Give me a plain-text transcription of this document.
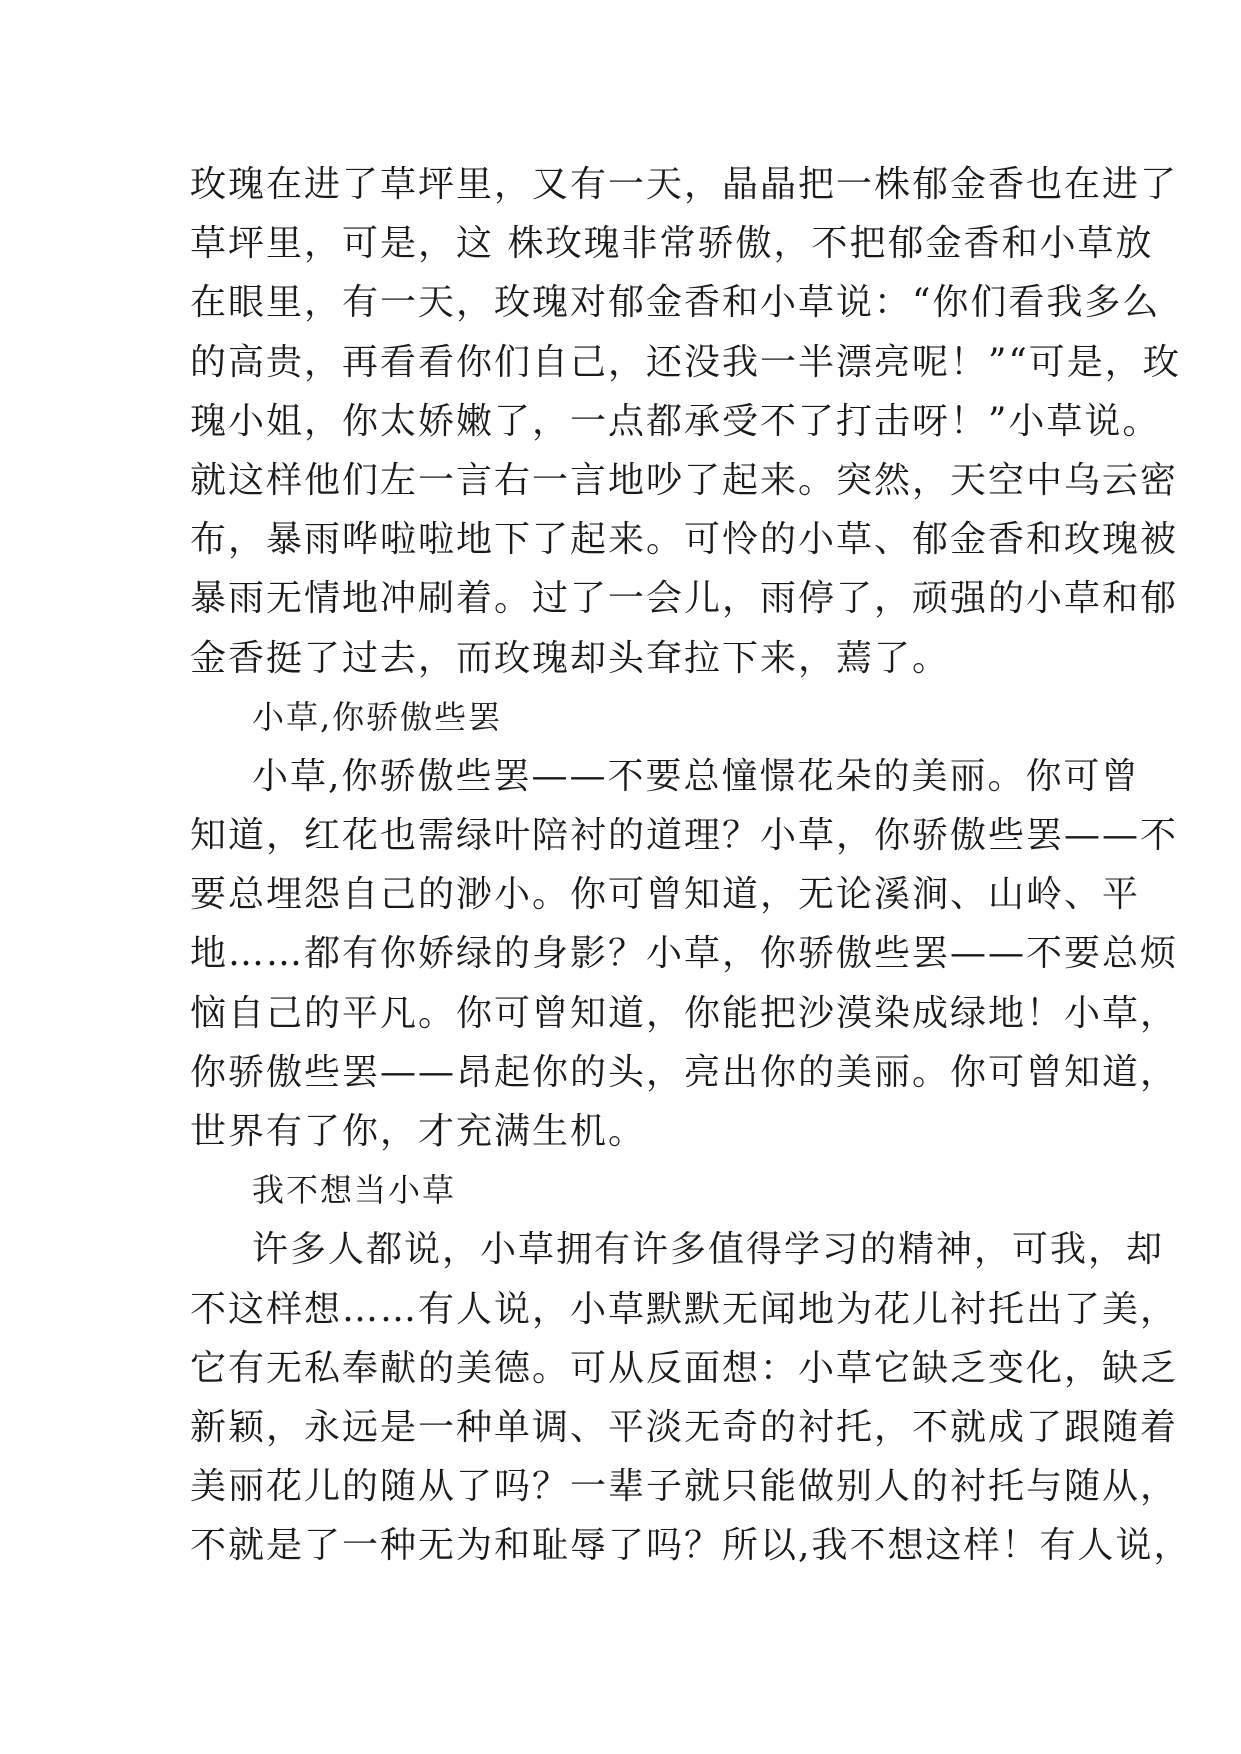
玫瑰在进了草坪里，又有一天，晶晶把一株郁金香也在进了
草坪里，可是，这 株玫瑰非常骄傲，不把郁金香和小草放
在眼里，有一天，玫瑰对郁金香和小草说：“你们看我多么
的高贵，再看看你们自己，还没我一半漂亮呢！”“可是，玫
瑰小姐，你太娇嫩了，一点都承受不了打击呀！”小草说。
就这样他们左一言右一言地吵了起来。突然，天空中乌云密
布，暴雨哗啦啦地下了起来。可怜的小草、郁金香和玫瑰被
暴雨无情地冲刷着。过了一会儿，雨停了，顽强的小草和郁
金香挺了过去，而玫瑰却头耷拉下来，蔫了。
小草,你骄傲些罢
小草,你骄傲些罢——不要总憧憬花朵的美丽。你可曾
知道，红花也需绿叶陪衬的道理？小草，你骄傲些罢——不
要总埋怨自己的渺小。你可曾知道，无论溪涧、山岭、平
地……都有你娇绿的身影？小草，你骄傲些罢——不要总烦
恼自己的平凡。你可曾知道，你能把沙漠染成绿地！小草，
你骄傲些罢——昂起你的头，亮出你的美丽。你可曾知道，
世界有了你，才充满生机。
我不想当小草
许多人都说，小草拥有许多值得学习的精神，可我，却
不这样想……有人说，小草默默无闻地为花儿衬托出了美，
它有无私奉献的美德。可从反面想：小草它缺乏变化，缺乏
新颖，永远是一种单调、平淡无奇的衬托，不就成了跟随着
美丽花儿的随从了吗？一辈子就只能做别人的衬托与随从，
不就是了一种无为和耻辱了吗？所以,我不想这样！有人说，
